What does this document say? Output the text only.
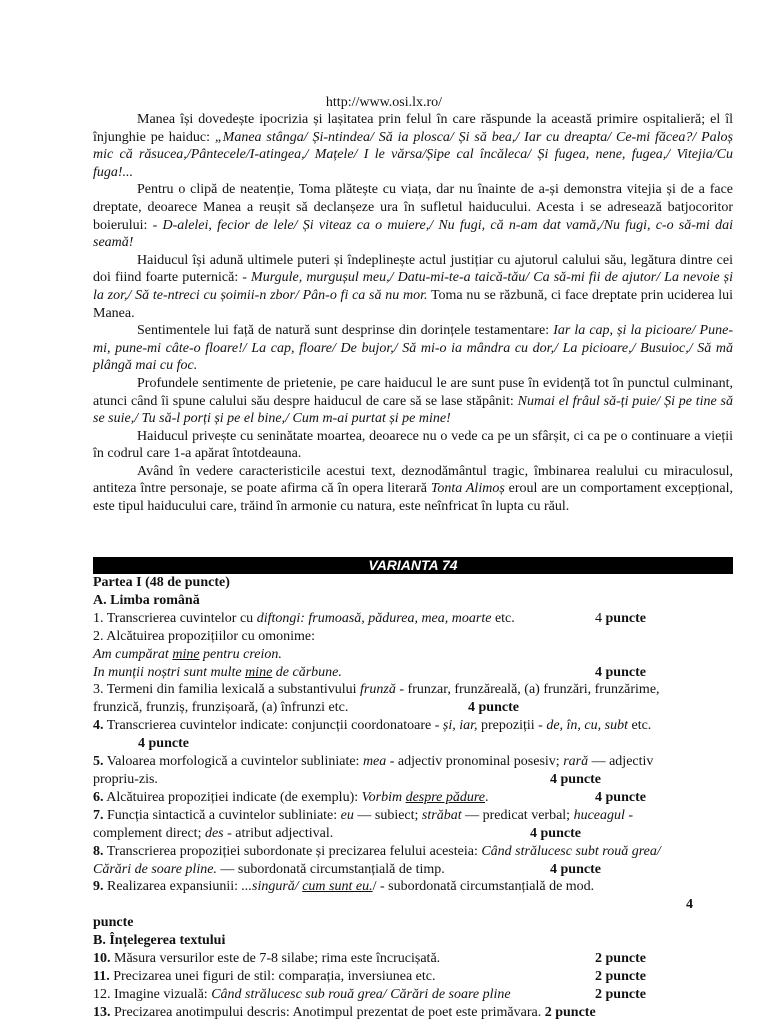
http://www.osi.lx.ro/

Manea își dovedește ipocrizia și lașitatea prin felul în care răspunde la această primire ospitalieră; el îl înjunghie pe haiduc: „Manea stânga/ Și-ntindea/ Să ia plosca/ Și să bea,/ Iar cu dreapta/ Ce-mi făcea?/ Paloș mic că răsucea,/Pântecele/I-atingea,/ Mațele/ I le vărsa/Șipe cal încăleca/ Și fugea, nene, fugea,/ Vitejia/Cu fuga!...

Pentru o clipă de neatenție, Toma plătește cu viața, dar nu înainte de a-și demonstra vitejia și de a face dreptate, deoarece Manea a reușit să declanșeze ura în sufletul haiducului. Acesta i se adresează batjocoritor boierului: - D-alelei, fecior de lele/ Și viteaz ca o muiere,/ Nu fugi, că n-am dat vamă,/Nu fugi, c-o să-mi dai seamă!

Haiducul își adună ultimele puteri și îndeplinește actul justițiar cu ajutorul calului său, legătura dintre cei doi fiind foarte puternică: - Murgule, murgușul meu,/ Datu-mi-te-a taică-tău/ Ca să-mi fii de ajutor/ La nevoie și la zor,/ Să te-ntreci cu șoimii-n zbor/ Pân-o fi ca să nu mor. Toma nu se răzbună, ci face dreptate prin uciderea lui Manea.

Sentimentele lui față de natură sunt desprinse din dorințele testamentare: Iar la cap, și la picioare/ Pune-mi, pune-mi câte-o floare!/ La cap, floare/ De bujor,/ Să mi-o ia mândra cu dor,/ La picioare,/ Busuioc,/ Să mă plângă mai cu foc.

Profundele sentimente de prietenie, pe care haiducul le are sunt puse în evidență tot în punctul culminant, atunci când îi spune calului său despre haiducul de care să se lase stăpânit: Numai el frâul să-ți puie/ Și pe tine să se suie,/ Tu să-l porți și pe el bine,/ Cum m-ai purtat și pe mine!

Haiducul privește cu seninătate moartea, deoarece nu o vede ca pe un sfârșit, ci ca pe o continuare a vieții în codrul care 1-a apărat întotdeauna.

Având în vedere caracteristicile acestui text, deznodământul tragic, îmbinarea realului cu miraculosul, antiteza între personaje, se poate afirma că în opera literară Tonta Alimoș eroul are un comportament excepțional, este tipul haiducului care, trăind în armonie cu natura, este neînfricat în lupta cu răul.

VARIANTA 74
Partea I (48 de puncte)
A. Limba română
1. Transcrierea cuvintelor cu diftongi: frumoasă, pădurea, mea, moarte etc.	4 puncte
2. Alcătuirea propozițiilor cu omonime:
Am cumpărat mine pentru creion.
In munții noștri sunt multe mine de cărbune.	4 puncte
3. Termeni din familia lexicală a substantivului frunză - frunzar, frunzăreală, (a) frunzări, frunzărime,
frunzică, frunziș, frunzișoară, (a) înfrunzi etc.	4 puncte
4. Transcrierea cuvintelor indicate: conjuncții coordonatoare - și, iar, prepoziții - de, în, cu, subt etc.
4 puncte
5. Valoarea morfologică a cuvintelor subliniate: mea - adjectiv pronominal posesiv; rară — adjectiv
propriu-zis.	4 puncte
6. Alcătuirea propoziției indicate (de exemplu): Vorbim despre pădure.	4 puncte
7. Funcția sintactică a cuvintelor subliniate: eu — subiect; străbat — predicat verbal; huceagul -
complement direct; des - atribut adjectival.	4 puncte
8. Transcrierea propoziției subordonate și precizarea felului acesteia: Când strălucesc subt rouă grea/
Cărări de soare pline. — subordonată circumstanțială de timp.	4 puncte
9. Realizarea expansiunii: ...singură/ cum sunt eu./ - subordonată circumstanțială de mod.
4
puncte
B. Înțelegerea textului
10. Măsura versurilor este de 7-8 silabe; rima este încrucișată.	2 puncte
11. Precizarea unei figuri de stil: comparația, inversiunea etc.	2 puncte
12. Imagine vizuală: Când strălucesc sub rouă grea/ Cărări de soare pline	2 puncte
13. Precizarea anotimpului descris: Anotimpul prezentat de poet este primăvara. 2 puncte
